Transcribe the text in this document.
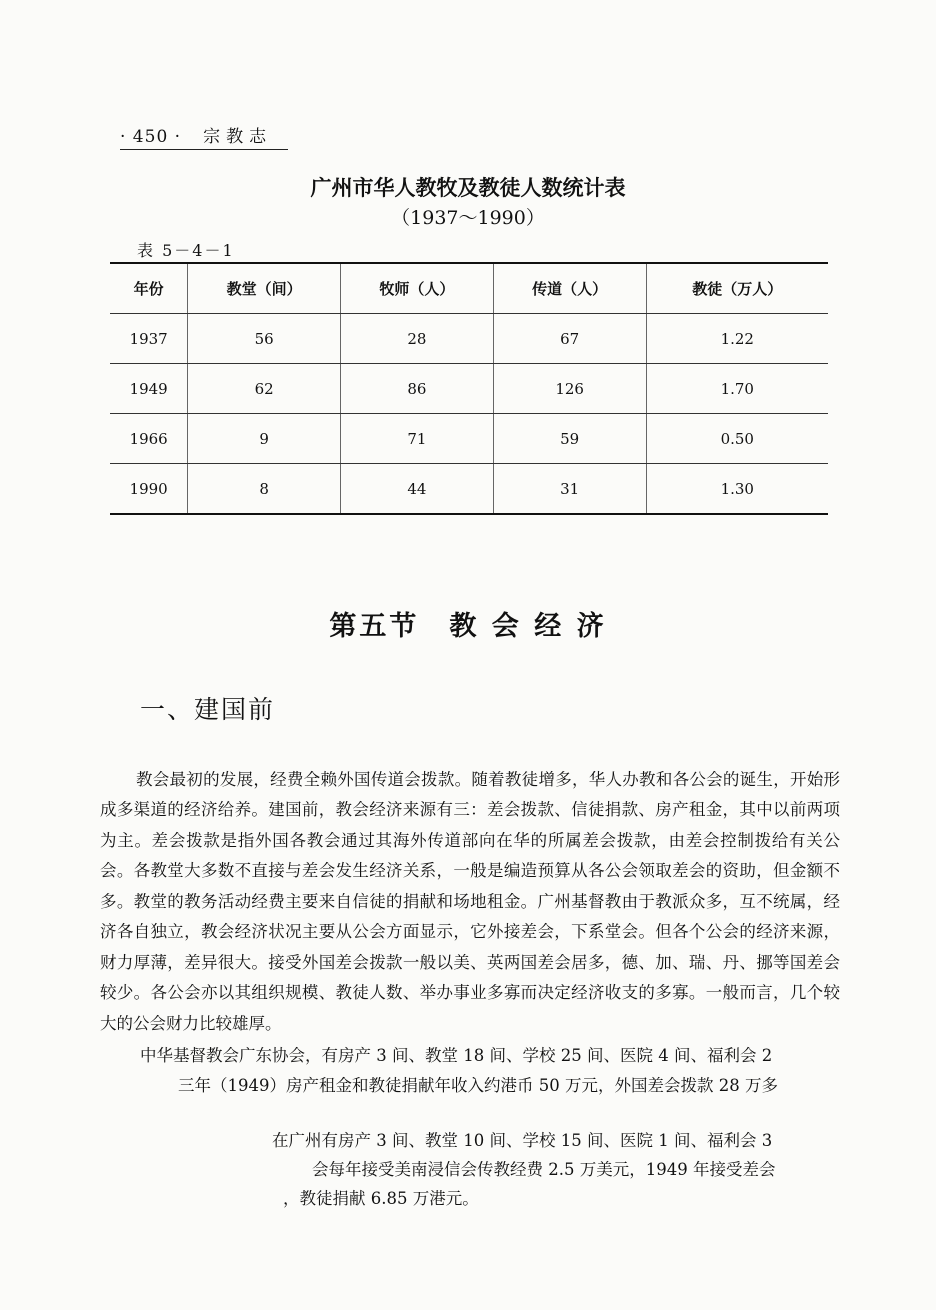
· 450 · 宗教志
广州市华人教牧及教徒人数统计表
（1937～1990）
表 5－4－1
年份	教堂（间）	牧师（人）	传道（人）	教徒（万人）
1937	56	28	67	1.22
1949	62	86	126	1.70
1966	9	71	59	0.50
1990	8	44	31	1.30
第五节　教 会 经 济
一、建国前

教会最初的发展，经费全赖外国传道会拨款。随着教徒增多，华人办教和各公会的诞生，开始形成多渠道的经济给养。建国前，教会经济来源有三：差会拨款、信徒捐款、房产租金，其中以前两项为主。差会拨款是指外国各教会通过其海外传道部向在华的所属差会拨款，由差会控制拨给有关公会。各教堂大多数不直接与差会发生经济关系，一般是编造预算从各公会领取差会的资助，但金额不多。教堂的教务活动经费主要来自信徒的捐献和场地租金。广州基督教由于教派众多，互不统属，经济各自独立，教会经济状况主要从公会方面显示，它外接差会，下系堂会。但各个公会的经济来源，财力厚薄，差异很大。接受外国差会拨款一般以美、英两国差会居多，德、加、瑞、丹、挪等国差会较少。各公会亦以其组织规模、教徒人数、举办事业多寡而决定经济收支的多寡。一般而言，几个较大的公会财力比较雄厚。

中华基督教会广东协会，有房产 3 间、教堂 18 间、学校 25 间、医院 4 间、福利会 2
三年（1949）房产租金和教徒捐献年收入约港币 50 万元，外国差会拨款 28 万多
在广州有房产 3 间、教堂 10 间、学校 15 间、医院 1 间、福利会 3
会每年接受美南浸信会传教经费 2.5 万美元，1949 年接受差会
，教徒捐献 6.85 万港元。
